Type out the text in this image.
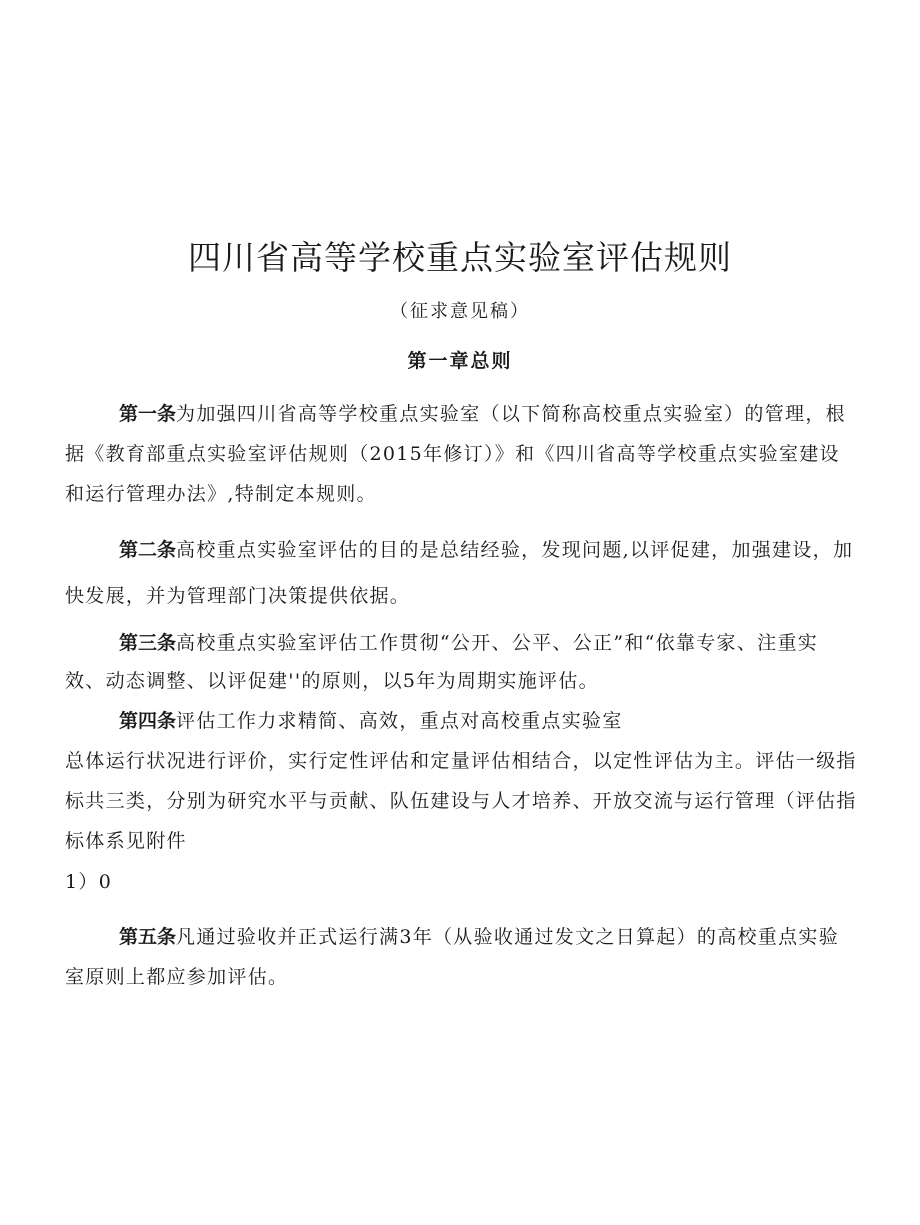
四川省高等学校重点实验室评估规则
（征求意见稿）
第一章总则

第一条为加强四川省高等学校重点实验室（以下简称高校重点实验室）的管理，根据《教育部重点实验室评估规则（2015年修订）》和《四川省高等学校重点实验室建设和运行管理办法》,特制定本规则。

第二条高校重点实验室评估的目的是总结经验，发现问题,以评促建，加强建设，加快发展，并为管理部门决策提供依据。

第三条高校重点实验室评估工作贯彻“公开、公平、公正”和“依靠专家、注重实效、动态调整、以评促建''的原则，以5年为周期实施评估。

第四条评估工作力求精简、高效，重点对高校重点实验室

总体运行状况进行评价，实行定性评估和定量评估相结合，以定性评估为主。评估一级指标共三类，分别为研究水平与贡献、队伍建设与人才培养、开放交流与运行管理（评估指标体系见附件

1）0

第五条凡通过验收并正式运行满3年（从验收通过发文之日算起）的高校重点实验室原则上都应参加评估。
